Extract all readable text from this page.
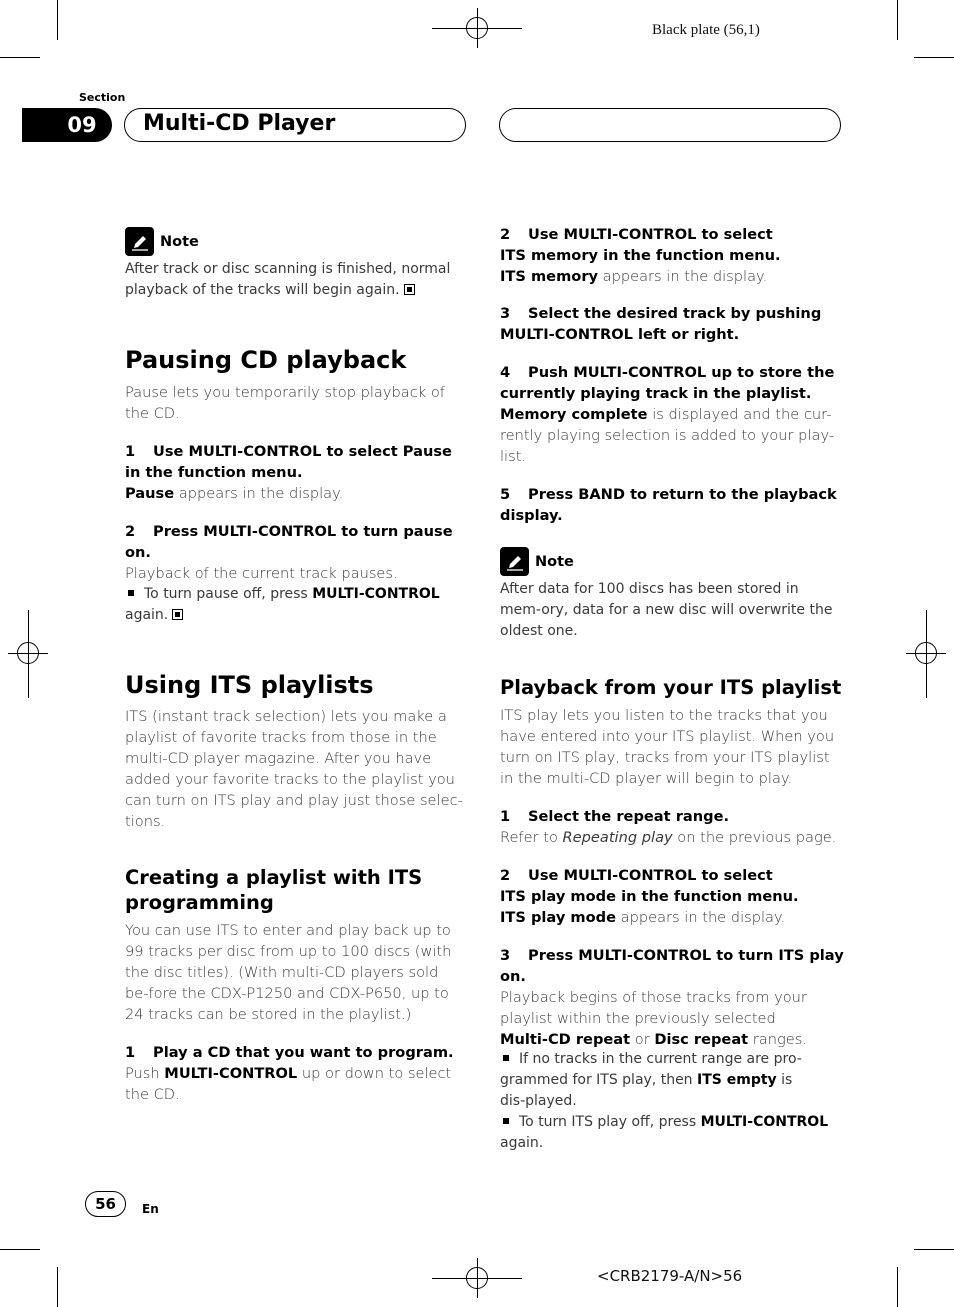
Black plate (56,1)
Section
09 Multi-CD Player
Note
After track or disc scanning is finished, normal playback of the tracks will begin again.
Pausing CD playback
Pause lets you temporarily stop playback of the CD.
1 Use MULTI-CONTROL to select Pause in the function menu.
Pause appears in the display.
2 Press MULTI-CONTROL to turn pause on.
Playback of the current track pauses.
To turn pause off, press MULTI-CONTROL
again.
Using ITS playlists
ITS (instant track selection) lets you make a playlist of favorite tracks from those in the multi-CD player magazine. After you have added your favorite tracks to the playlist you can turn on ITS play and play just those selec-tions.
Creating a playlist with ITS programming
You can use ITS to enter and play back up to 99 tracks per disc from up to 100 discs (with the disc titles). (With multi-CD players sold be-fore the CDX-P1250 and CDX-P650, up to 24 tracks can be stored in the playlist.)
1 Play a CD that you want to program.
Push MULTI-CONTROL up or down to select the CD.
2 Use MULTI-CONTROL to select
ITS memory in the function menu.
ITS memory appears in the display.
3 Select the desired track by pushing MULTI-CONTROL left or right.
4 Push MULTI-CONTROL up to store the currently playing track in the playlist.
Memory complete is displayed and the cur-rently playing selection is added to your play-list.
5 Press BAND to return to the playback display.
Note
After data for 100 discs has been stored in mem-ory, data for a new disc will overwrite the oldest one.
Playback from your ITS playlist
ITS play lets you listen to the tracks that you have entered into your ITS playlist. When you turn on ITS play, tracks from your ITS playlist in the multi-CD player will begin to play.
1 Select the repeat range.
Refer to Repeating play on the previous page.
2 Use MULTI-CONTROL to select
ITS play mode in the function menu.
ITS play mode appears in the display.
3 Press MULTI-CONTROL to turn ITS play on.
Playback begins of those tracks from your playlist within the previously selected
Multi-CD repeat or Disc repeat ranges.
If no tracks in the current range are pro-grammed for ITS play, then ITS empty is dis-played.
To turn ITS play off, press MULTI-CONTROL
again.
56	En
<CRB2179-A/N>56
